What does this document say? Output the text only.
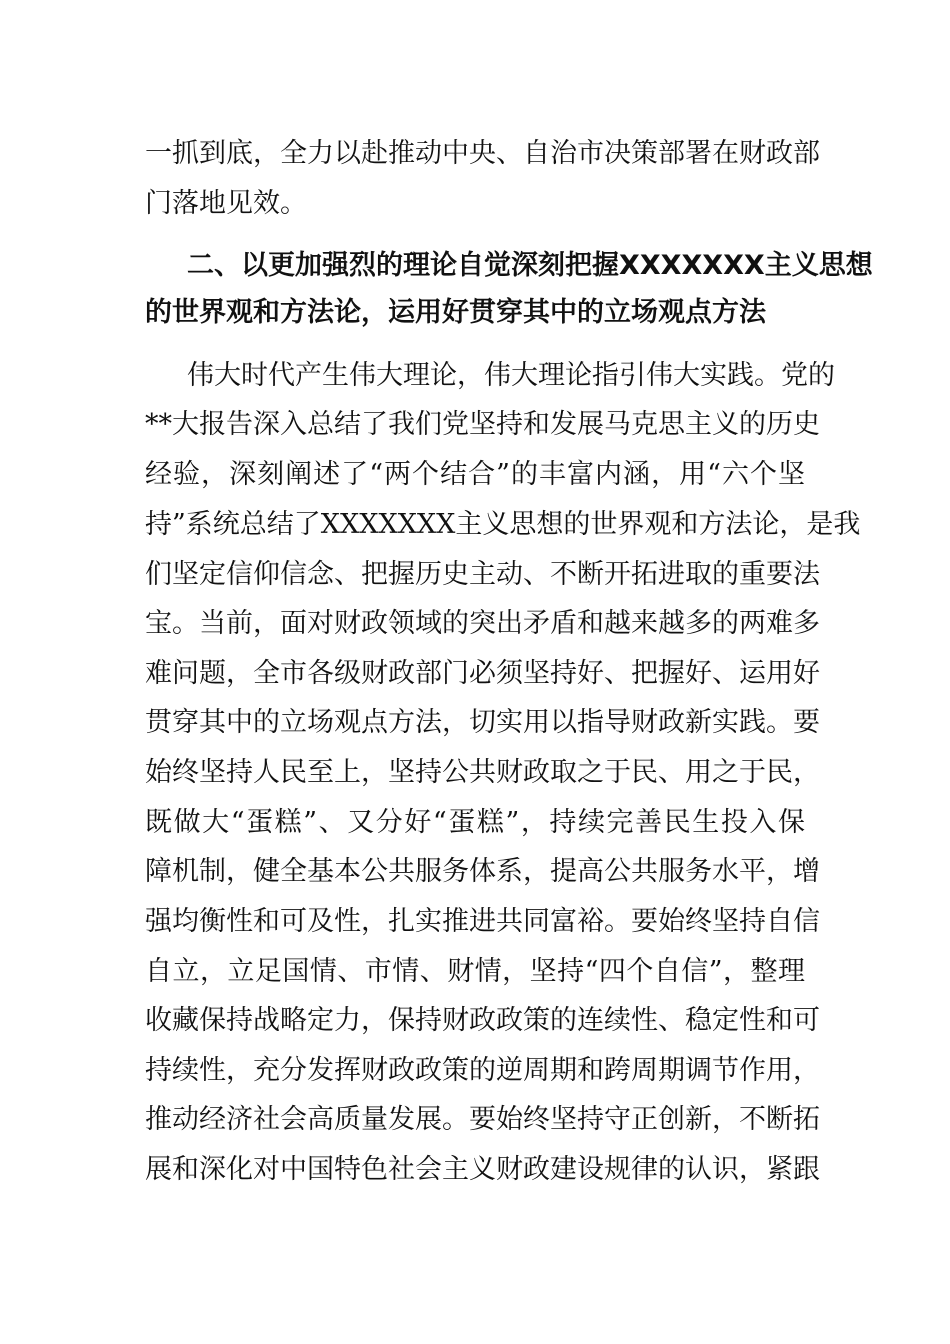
一抓到底，全力以赴推动中央、自治市决策部署在财政部
门落地见效。
二、以更加强烈的理论自觉深刻把握XXXXXXX主义思想
的世界观和方法论，运用好贯穿其中的立场观点方法
伟大时代产生伟大理论，伟大理论指引伟大实践。党的
**大报告深入总结了我们党坚持和发展马克思主义的历史
经验，深刻阐述了“两个结合”的丰富内涵，用“六个坚
持”系统总结了XXXXXXX主义思想的世界观和方法论，是我
们坚定信仰信念、把握历史主动、不断开拓进取的重要法
宝。当前，面对财政领域的突出矛盾和越来越多的两难多
难问题，全市各级财政部门必须坚持好、把握好、运用好
贯穿其中的立场观点方法，切实用以指导财政新实践。要
始终坚持人民至上，坚持公共财政取之于民、用之于民，
既做大“蛋糕”、又分好“蛋糕”，持续完善民生投入保
障机制，健全基本公共服务体系，提高公共服务水平，增
强均衡性和可及性，扎实推进共同富裕。要始终坚持自信
自立，立足国情、市情、财情，坚持“四个自信”，整理
收藏保持战略定力，保持财政政策的连续性、稳定性和可
持续性，充分发挥财政政策的逆周期和跨周期调节作用，
推动经济社会高质量发展。要始终坚持守正创新，不断拓
展和深化对中国特色社会主义财政建设规律的认识，紧跟
